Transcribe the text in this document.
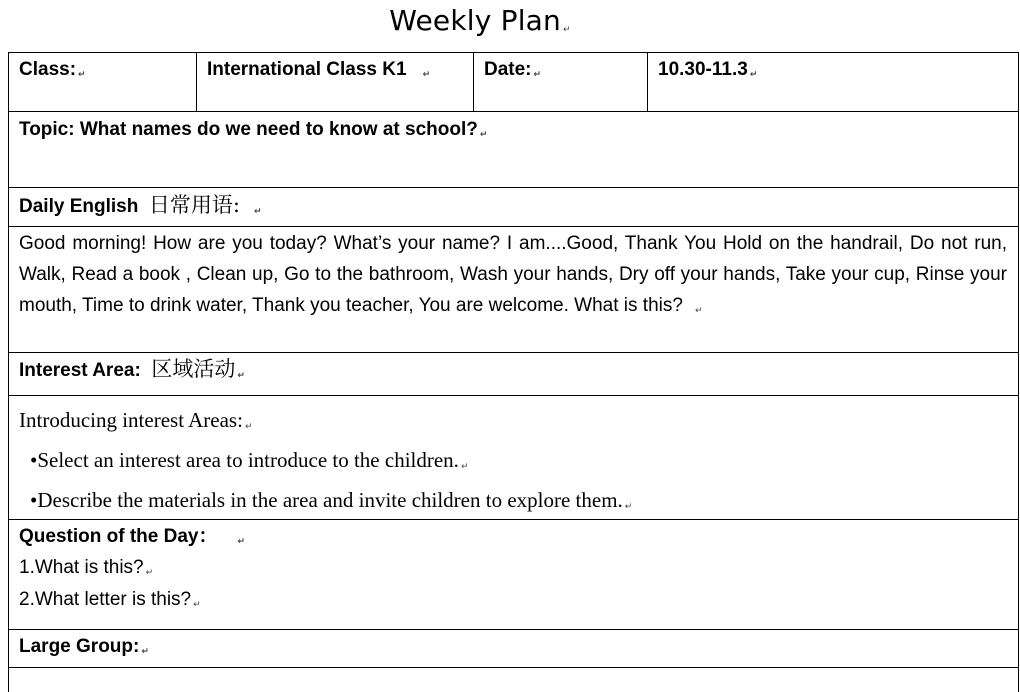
Weekly Plan ↵
Class: ↵	International Class K1 ↵	Date: ↵	10.30-11.3 ↵
Topic: What names do we need to know at school? ↵
Daily English 日常用语: ↵
Good morning! How are you today? What’s your name? I am....Good, Thank You Hold on the handrail, Do not run, Walk, Read a book , Clean up, Go to the bathroom, Wash your hands, Dry off your hands, Take your cup, Rinse your mouth, Time to drink water, Thank you teacher, You are welcome. What is this? ↵
Interest Area: 区域活动 ↵
Introducing interest Areas: ↵
•Select an interest area to introduce to the children. ↵
•Describe the materials in the area and invite children to explore them. ↵
Question of the Day： ↵
1.What is this? ↵
2.What letter is this? ↵
Large Group: ↵
